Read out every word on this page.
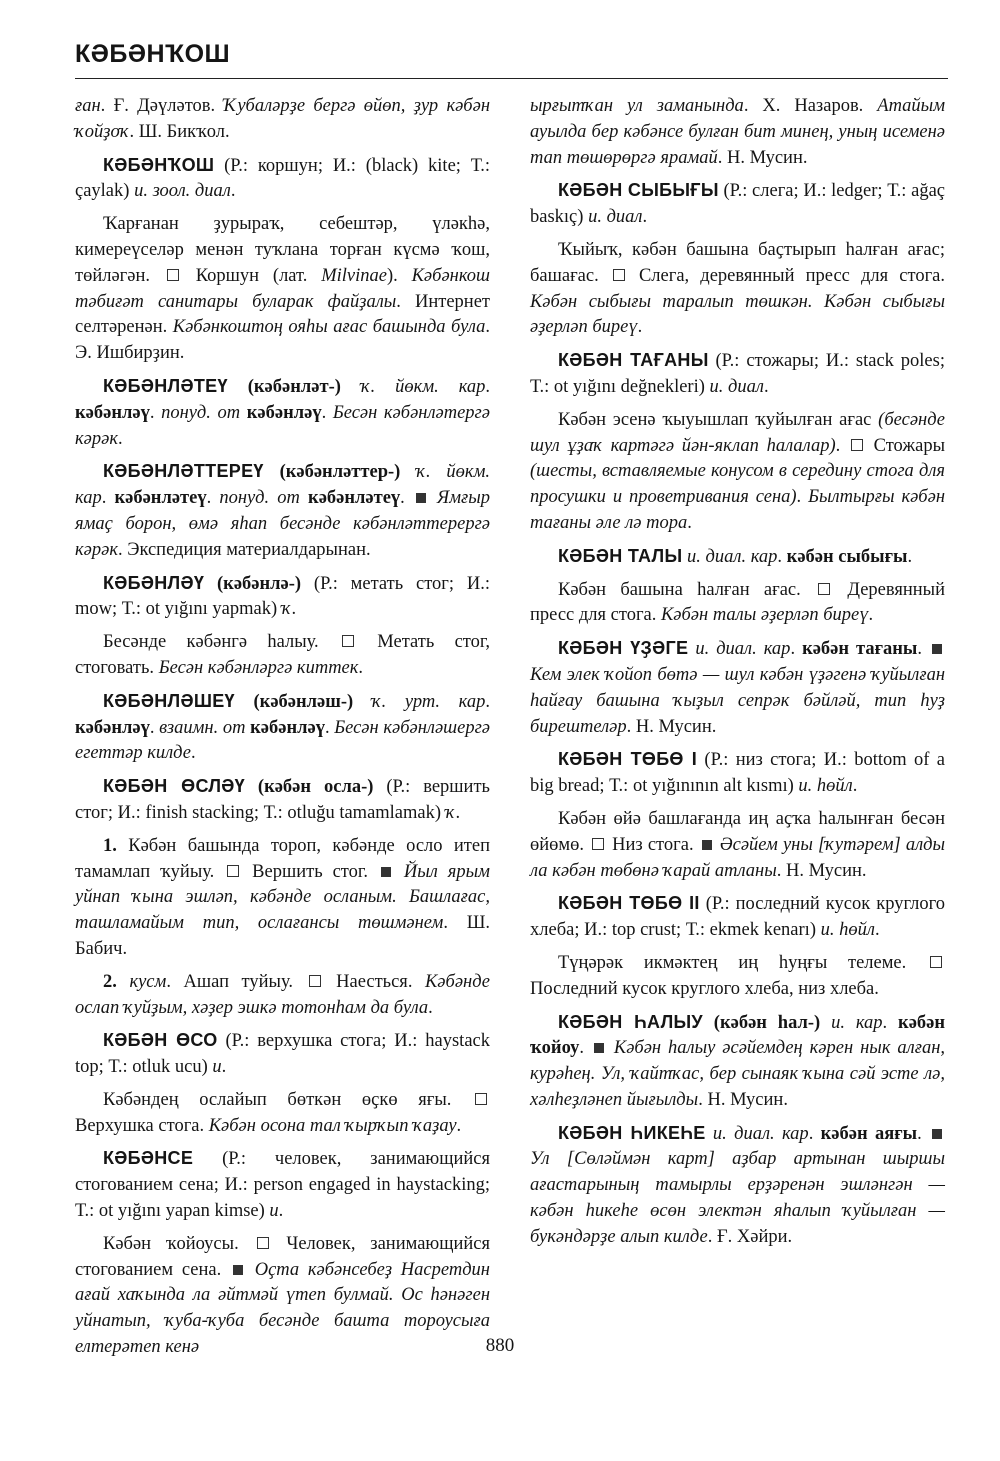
КӘБӘНҠОШ

ған. Ғ. Дәүләтов. Ҡубаләрҙе бергә өйөп, ҙур кәбән ҡойҙоҡ. Ш. Бикҡол.

КӘБӘНҠОШ (Р.: коршун; И.: (black) kite; Т.: çaylak) и. зоол. диал.

Ҡарғанан ҙурыраҡ, себештәр, үләкһә, кимереүселәр менән туҡлана торған күсмә ҡош, төйләгән.  Коршун (лат. Milvinae). Кәбәнкош тәбиғәт санитары буларак файҙалы. Интернет селтәренән. Кәбәнкоштоң ояһы ағас башында була. Э. Ишбирҙин.

КӘБӘНЛӘТЕҮ (кәбәнләт-) ҡ. йөкм. кар. кәбәнләү. понуд. от кәбәнләү. Бесән кәбәнләтергә кәрәк.

КӘБӘНЛӘТТЕРЕҮ (кәбәнләттер-) ҡ. йөкм. кар. кәбәнләтеү. понуд. от кәбәнләтеү.  Ямғыр ямаҫ борон, өмә яһап бесәнде кәбәнләттерергә кәрәк. Экспедиция материалдарынан.

КӘБӘНЛӘҮ (кәбәнлә-) (Р.: метать стог; И.: mow; Т.: ot yığını yapmak) ҡ.

Бесәнде кәбәнгә һалыу.  Метать стог, стоговать. Бесән кәбәнләргә киттек.

КӘБӘНЛӘШЕҮ (кәбәнләш-) ҡ. урт. кар. кәбәнләү. взаимн. от кәбәнләү. Бесән кәбәнләшергә егеттәр килде.

КӘБӘН ӨСЛӘҮ (кәбән осла-) (Р.: вершить стог; И.: finish stacking; Т.: otluğu tamamlamak) ҡ.

1. Кәбән башында тороп, кәбәнде осло итеп тамамлап ҡуйыу.  Вершить стог.  Йыл ярым уйнап ҡына эшләп, кәбәнде осланым. Башлағас, ташламайым тип, ослағансы төшмәнем. Ш. Бабич.

2. кусм. Ашап туйыу.  Наесться. Кәбәнде ослап ҡуйҙым, хәҙер эшкә тотонһам да була.

КӘБӘН ӨСО (Р.: верхушка стога; И.: haystack top; Т.: otluk ucu) и.

Кәбәндең ослайып бөткән өҫкө яғы.  Верхушка стога. Кәбән осона тал ҡырҡып ҡаҙау.

КӘБӘНСЕ (Р.: человек, занимающийся стогованием сена; И.: person engaged in haystacking; Т.: ot yığını yapan kimse) и.

Кәбән ҡойоусы.  Человек, занимающийся стогованием сена.  Оҫта кәбәнсебеҙ Насретдин ағай хаҡында ла әйтмәй үтеп булмай. Ос һәнәген уйнатып, ҡуба-ҡуба бесәнде башта тороусыға елтерәтеп кенә

ырғытҡан ул заманында. Х. Назаров. Атайым ауылда бер кәбәнсе булған бит минең, уның исеменә тап төшөрөргә ярамай. Н. Мусин.

КӘБӘН СЫБЫҒЫ (Р.: слега; И.: ledger; Т.: ağaç baskıç) и. диал.

Ҡыйыҡ, кәбән башына баҫтырып һалған ағас; башағас.  Слега, деревянный пресс для стога. Кәбән сыбығы таралып төшкән. Кәбән сыбығы әҙерләп биреү.

КӘБӘН ТАҒАНЫ (Р.: стожары; И.: stack poles; Т.: ot yığını değnekleri) и. диал.

Кәбән эсенә ҡыуышлап ҡуйылған ағас (бесәнде шул ұҙаҡ картәгә йән-яклап һалалар).  Стожары (шесты, вставляемые конусом в середину стога для просушки и проветривания сена). Былтырғы кәбән тағаны әле лә тора.

КӘБӘН ТАЛЫ и. диал. кар. кәбән сыбығы.

Кәбән башына һалған ағас.  Деревянный пресс для стога. Кәбән талы әҙерләп биреү.

КӘБӘН ҮҘӘГЕ и. диал. кар. кәбән тағаны.  Кем элек ҡойоп бөтә — шул кәбән үҙәгенә ҡуйылған һайғау башына ҡыҙыл сепрәк бәйләй, тип һуҙ бирештеләр. Н. Мусин.

КӘБӘН ТӨБӨ I (Р.: низ стога; И.: bottom of a big bread; Т.: ot yığınının alt kısmı) и. һөйл.

Кәбән өйә башлағанда иң аҫҡа һалынған бесән өйөмө.  Низ стога.  Әсәйем уны [ҡутәрем] алды ла кәбән төбөнә ҡарай атланы. Н. Мусин.

КӘБӘН ТӨБӨ II (Р.: последний кусок круглого хлеба; И.: top crust; Т.: ekmek kenarı) и. һөйл.

Түңәрәк икмәктең иң һуңғы телеме.  Последний кусок круглого хлеба, низ хлеба.

КӘБӘН ҺАЛЫУ (кәбән һал-) и. кар. кәбән ҡойоу.  Кәбән һалыу әсәйемдең кәрен нык алған, курәһең. Ул, ҡайтҡас, бер сынаяк ҡына сәй эсте лә, хәлһеҙләнеп йығылды. Н. Мусин.

КӘБӘН ҺИКЕҺЕ и. диал. кар. кәбән аяғы.  Ул [Сөләймән карт] аҙбар артынан шыршы ағастарының тамырлы ерҙәренән эшләнгән — кәбән һикеһе өсөн электән яһалып ҡуйылған — букәндәрҙе алып килде. Ғ. Хәйри.

880
